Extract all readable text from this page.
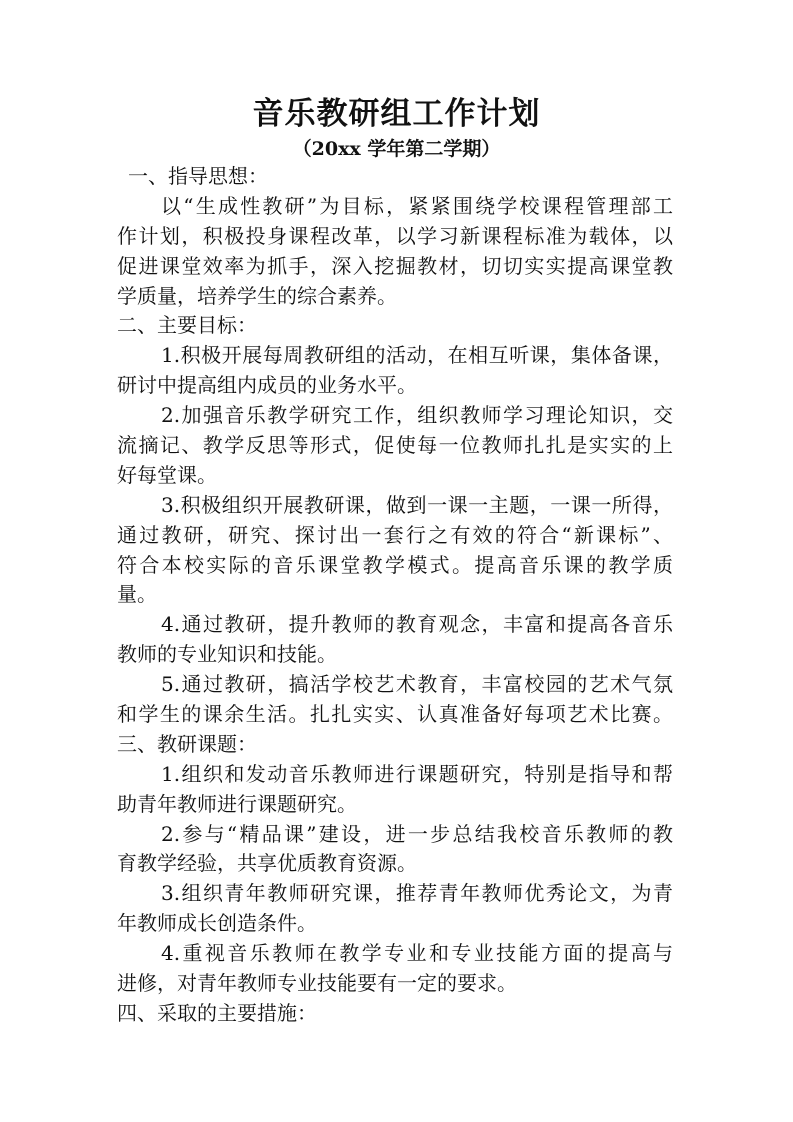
音乐教研组工作计划
（20xx 学年第二学期）
一、指导思想：
以“生成性教研”为目标，紧紧围绕学校课程管理部工
作计划，积极投身课程改革，以学习新课程标准为载体，以
促进课堂效率为抓手，深入挖掘教材，切切实实提高课堂教
学质量，培养学生的综合素养。
二、主要目标：
1.积极开展每周教研组的活动，在相互听课，集体备课，
研讨中提高组内成员的业务水平。
2.加强音乐教学研究工作，组织教师学习理论知识，交
流摘记、教学反思等形式，促使每一位教师扎扎是实实的上
好每堂课。
3.积极组织开展教研课，做到一课一主题，一课一所得，
通过教研，研究、探讨出一套行之有效的符合“新课标”、
符合本校实际的音乐课堂教学模式。提高音乐课的教学质
量。
4.通过教研，提升教师的教育观念，丰富和提高各音乐
教师的专业知识和技能。
5.通过教研，搞活学校艺术教育，丰富校园的艺术气氛
和学生的课余生活。扎扎实实、认真准备好每项艺术比赛。
三、教研课题：
1.组织和发动音乐教师进行课题研究，特别是指导和帮
助青年教师进行课题研究。
2.参与“精品课”建设，进一步总结我校音乐教师的教
育教学经验，共享优质教育资源。
3.组织青年教师研究课，推荐青年教师优秀论文，为青
年教师成长创造条件。
4.重视音乐教师在教学专业和专业技能方面的提高与
进修，对青年教师专业技能要有一定的要求。
四、采取的主要措施：
